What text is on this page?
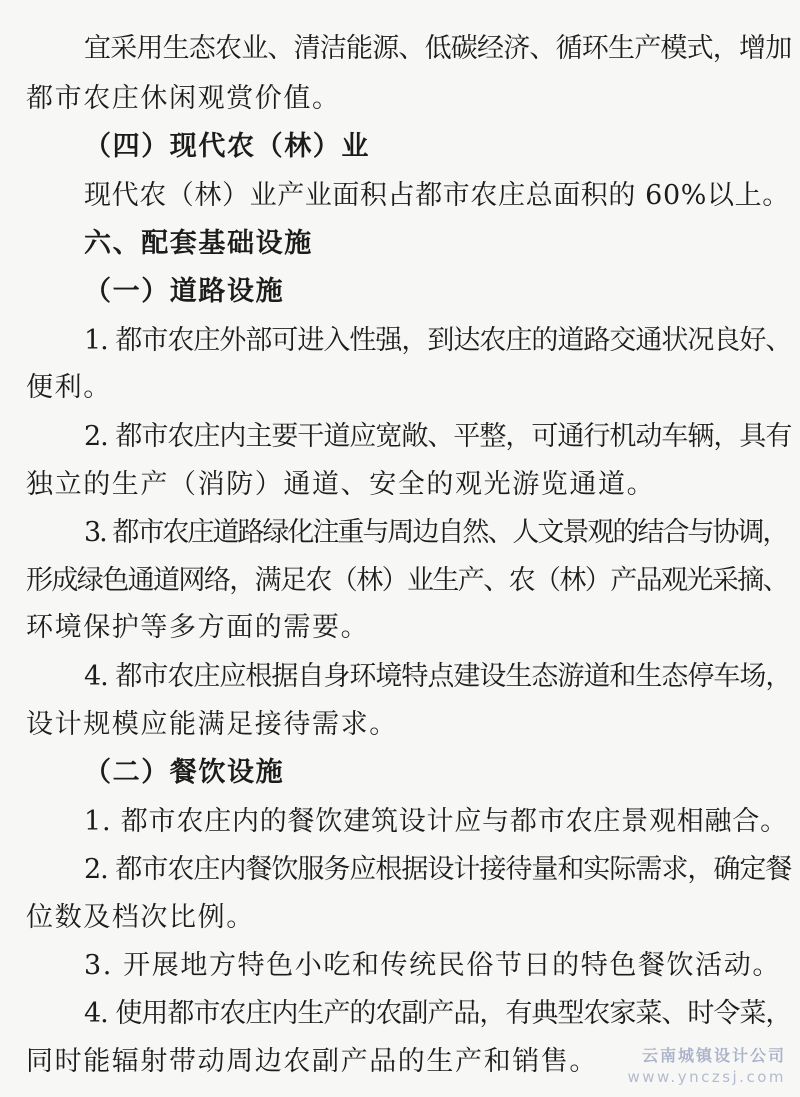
宜采用生态农业、清洁能源、低碳经济、循环生产模式，增加
都市农庄休闲观赏价值。
（四）现代农（林）业
现代农（林）业产业面积占都市农庄总面积的 60%以上。
六、配套基础设施
（一）道路设施
1. 都市农庄外部可进入性强，到达农庄的道路交通状况良好、
便利。
2. 都市农庄内主要干道应宽敞、平整，可通行机动车辆，具有
独立的生产（消防）通道、安全的观光游览通道。
3. 都市农庄道路绿化注重与周边自然、人文景观的结合与协调，
形成绿色通道网络，满足农（林）业生产、农（林）产品观光采摘、
环境保护等多方面的需要。
4. 都市农庄应根据自身环境特点建设生态游道和生态停车场，
设计规模应能满足接待需求。
（二）餐饮设施
1. 都市农庄内的餐饮建筑设计应与都市农庄景观相融合。
2. 都市农庄内餐饮服务应根据设计接待量和实际需求，确定餐
位数及档次比例。
3. 开展地方特色小吃和传统民俗节日的特色餐饮活动。
4. 使用都市农庄内生产的农副产品，有典型农家菜、时令菜，
同时能辐射带动周边农副产品的生产和销售。	云南城镇设计公司
www.ynczsj.com
